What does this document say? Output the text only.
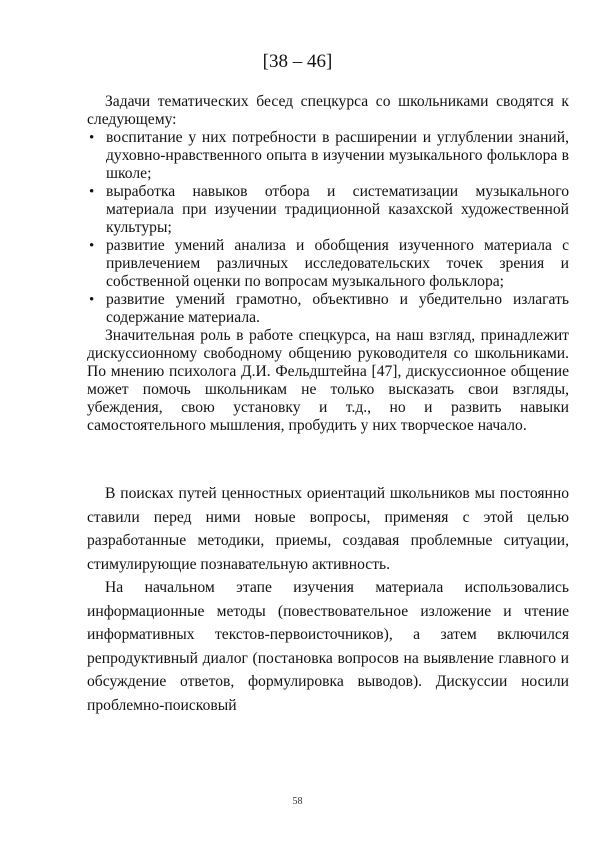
[38 – 46]

Задачи тематических бесед спецкурса со школьниками сводятся к следующему:

• воспитание у них потребности в расширении и углублении знаний, духовно-нравственного опыта в изучении музыкального фольклора в школе;
• выработка навыков отбора и систематизации музыкального материала при изучении традиционной казахской художественной культуры;
• развитие умений анализа и обобщения изученного материала с привлечением различных исследовательских точек зрения и собственной оценки по вопросам музыкального фольклора;
• развитие умений грамотно, объективно и убедительно излагать содержание материала.

Значительная роль в работе спецкурса, на наш взгляд, принадлежит дискуссионному свободному общению руководителя со школьниками. По мнению психолога Д.И. Фельдштейна [47], дискуссионное общение может помочь школьникам не только высказать свои взгляды, убеждения, свою установку и т.д., но и развить навыки самостоятельного мышления, пробудить у них творческое начало.

В поисках путей ценностных ориентаций школьников мы постоянно ставили перед ними новые вопросы, применяя с этой целью разработанные методики, приемы, создавая проблемные ситуации, стимулирующие познавательную активность.

На начальном этапе изучения материала использовались информационные методы (повествовательное изложение и чтение информативных текстов-первоисточников), а затем включился репродуктивный диалог (постановка вопросов на выявление главного и обсуждение ответов, формулировка выводов). Дискуссии носили проблемно-поисковый

58
